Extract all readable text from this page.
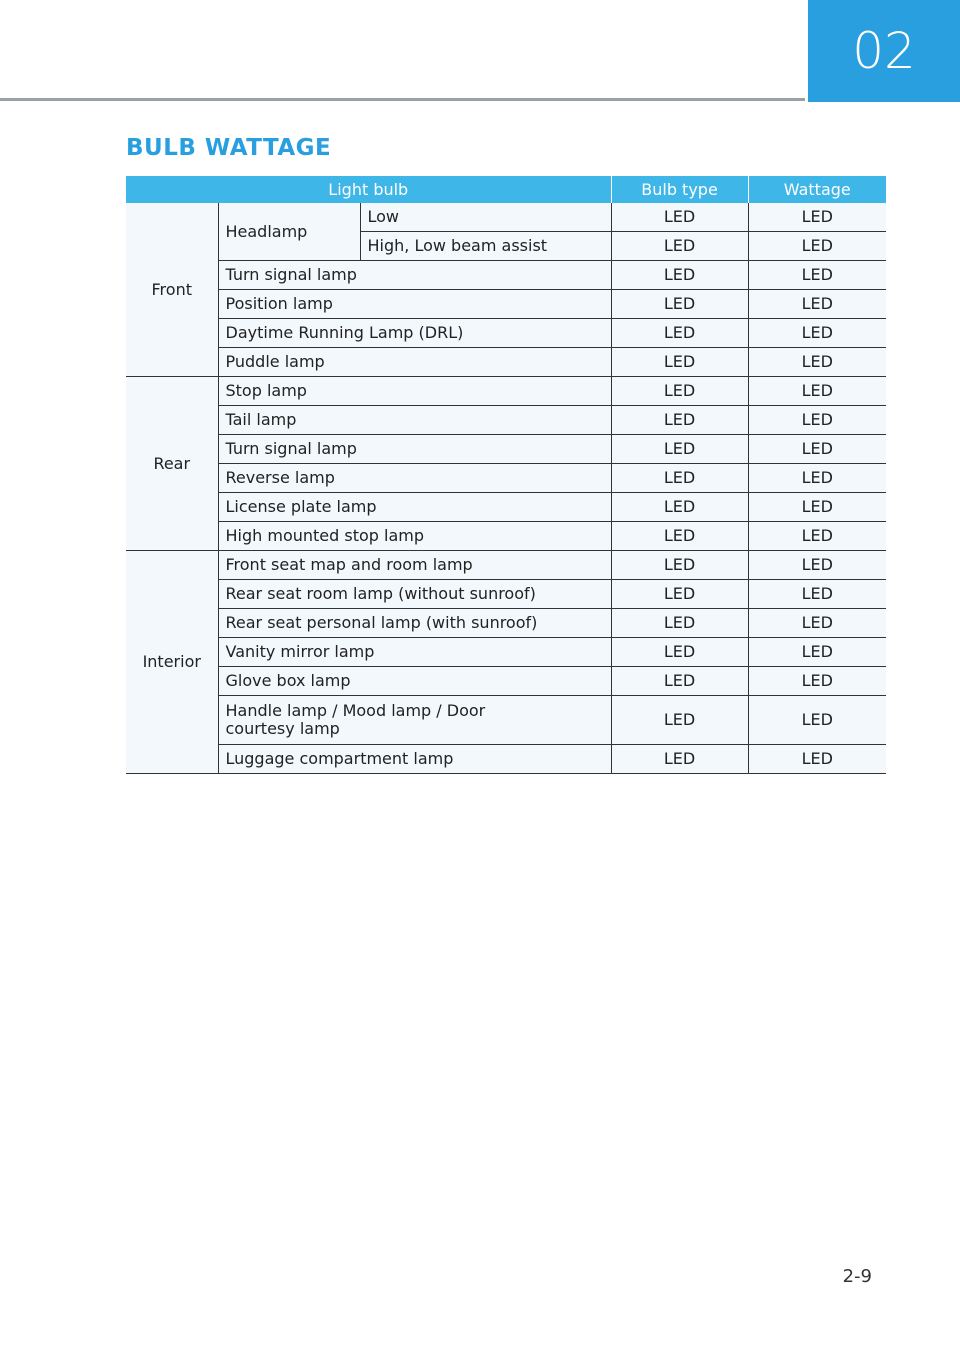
02
BULB WATTAGE
Light bulb			Bulb type	Wattage
Front	Headlamp	Low	LED	LED
		High, Low beam assist	LED	LED
	Turn signal lamp		LED	LED
	Position lamp		LED	LED
	Daytime Running Lamp (DRL)		LED	LED
	Puddle lamp		LED	LED
Rear	Stop lamp		LED	LED
	Tail lamp		LED	LED
	Turn signal lamp		LED	LED
	Reverse lamp		LED	LED
	License plate lamp		LED	LED
	High mounted stop lamp		LED	LED
Interior	Front seat map and room lamp		LED	LED
	Rear seat room lamp (without sunroof)		LED	LED
	Rear seat personal lamp (with sunroof)		LED	LED
	Vanity mirror lamp		LED	LED
	Glove box lamp		LED	LED
	Handle lamp / Mood lamp / Door courtesy lamp		LED	LED
	Luggage compartment lamp		LED	LED
2-9
